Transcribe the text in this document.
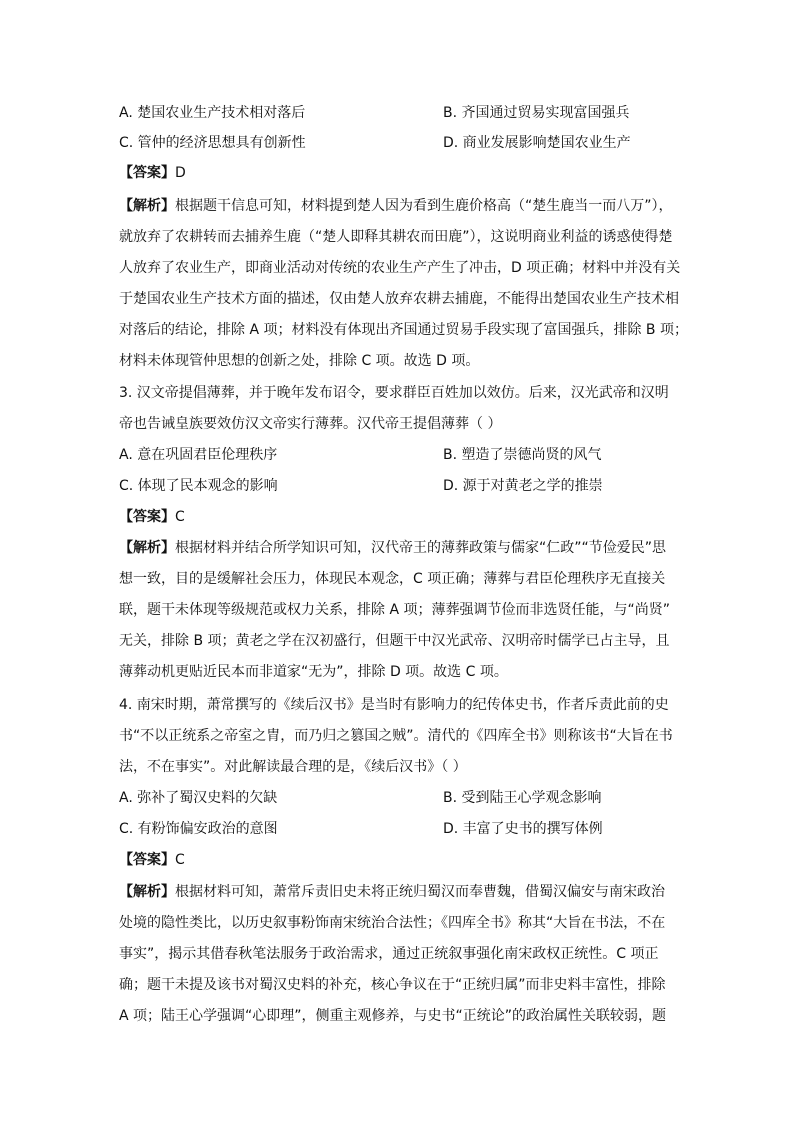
A. 楚国农业生产技术相对落后	B. 齐国通过贸易实现富国强兵
C. 管仲的经济思想具有创新性	D. 商业发展影响楚国农业生产
【答案】D
【解析】根据题干信息可知，材料提到楚人因为看到生鹿价格高（“楚生鹿当一而八万”），
就放弃了农耕转而去捕养生鹿（“楚人即释其耕农而田鹿”），这说明商业利益的诱惑使得楚
人放弃了农业生产，即商业活动对传统的农业生产产生了冲击，D 项正确；材料中并没有关
于楚国农业生产技术方面的描述，仅由楚人放弃农耕去捕鹿，不能得出楚国农业生产技术相
对落后的结论，排除 A 项；材料没有体现出齐国通过贸易手段实现了富国强兵，排除 B 项；
材料未体现管仲思想的创新之处，排除 C 项。故选 D 项。
3. 汉文帝提倡薄葬，并于晚年发布诏令，要求群臣百姓加以效仿。后来，汉光武帝和汉明
帝也告诫皇族要效仿汉文帝实行薄葬。汉代帝王提倡薄葬（ ）
A. 意在巩固君臣伦理秩序	B. 塑造了崇德尚贤的风气
C. 体现了民本观念的影响	D. 源于对黄老之学的推崇
【答案】C
【解析】根据材料并结合所学知识可知，汉代帝王的薄葬政策与儒家“仁政”“节俭爱民”思
想一致，目的是缓解社会压力，体现民本观念，C 项正确；薄葬与君臣伦理秩序无直接关
联，题干未体现等级规范或权力关系，排除 A 项；薄葬强调节俭而非选贤任能，与“尚贤”
无关，排除 B 项；黄老之学在汉初盛行，但题干中汉光武帝、汉明帝时儒学已占主导，且
薄葬动机更贴近民本而非道家“无为”，排除 D 项。故选 C 项。
4. 南宋时期，萧常撰写的《续后汉书》是当时有影响力的纪传体史书，作者斥责此前的史
书“不以正统系之帝室之胄，而乃归之篡国之贼”。清代的《四库全书》则称该书“大旨在书
法，不在事实”。对此解读最合理的是，《续后汉书》（ ）
A. 弥补了蜀汉史料的欠缺	B. 受到陆王心学观念影响
C. 有粉饰偏安政治的意图	D. 丰富了史书的撰写体例
【答案】C
【解析】根据材料可知，萧常斥责旧史未将正统归蜀汉而奉曹魏，借蜀汉偏安与南宋政治
处境的隐性类比，以历史叙事粉饰南宋统治合法性；《四库全书》称其“大旨在书法，不在
事实”，揭示其借春秋笔法服务于政治需求，通过正统叙事强化南宋政权正统性。C 项正
确；题干未提及该书对蜀汉史料的补充，核心争议在于“正统归属”而非史料丰富性，排除
A 项；陆王心学强调“心即理”，侧重主观修养，与史书“正统论”的政治属性关联较弱，题
